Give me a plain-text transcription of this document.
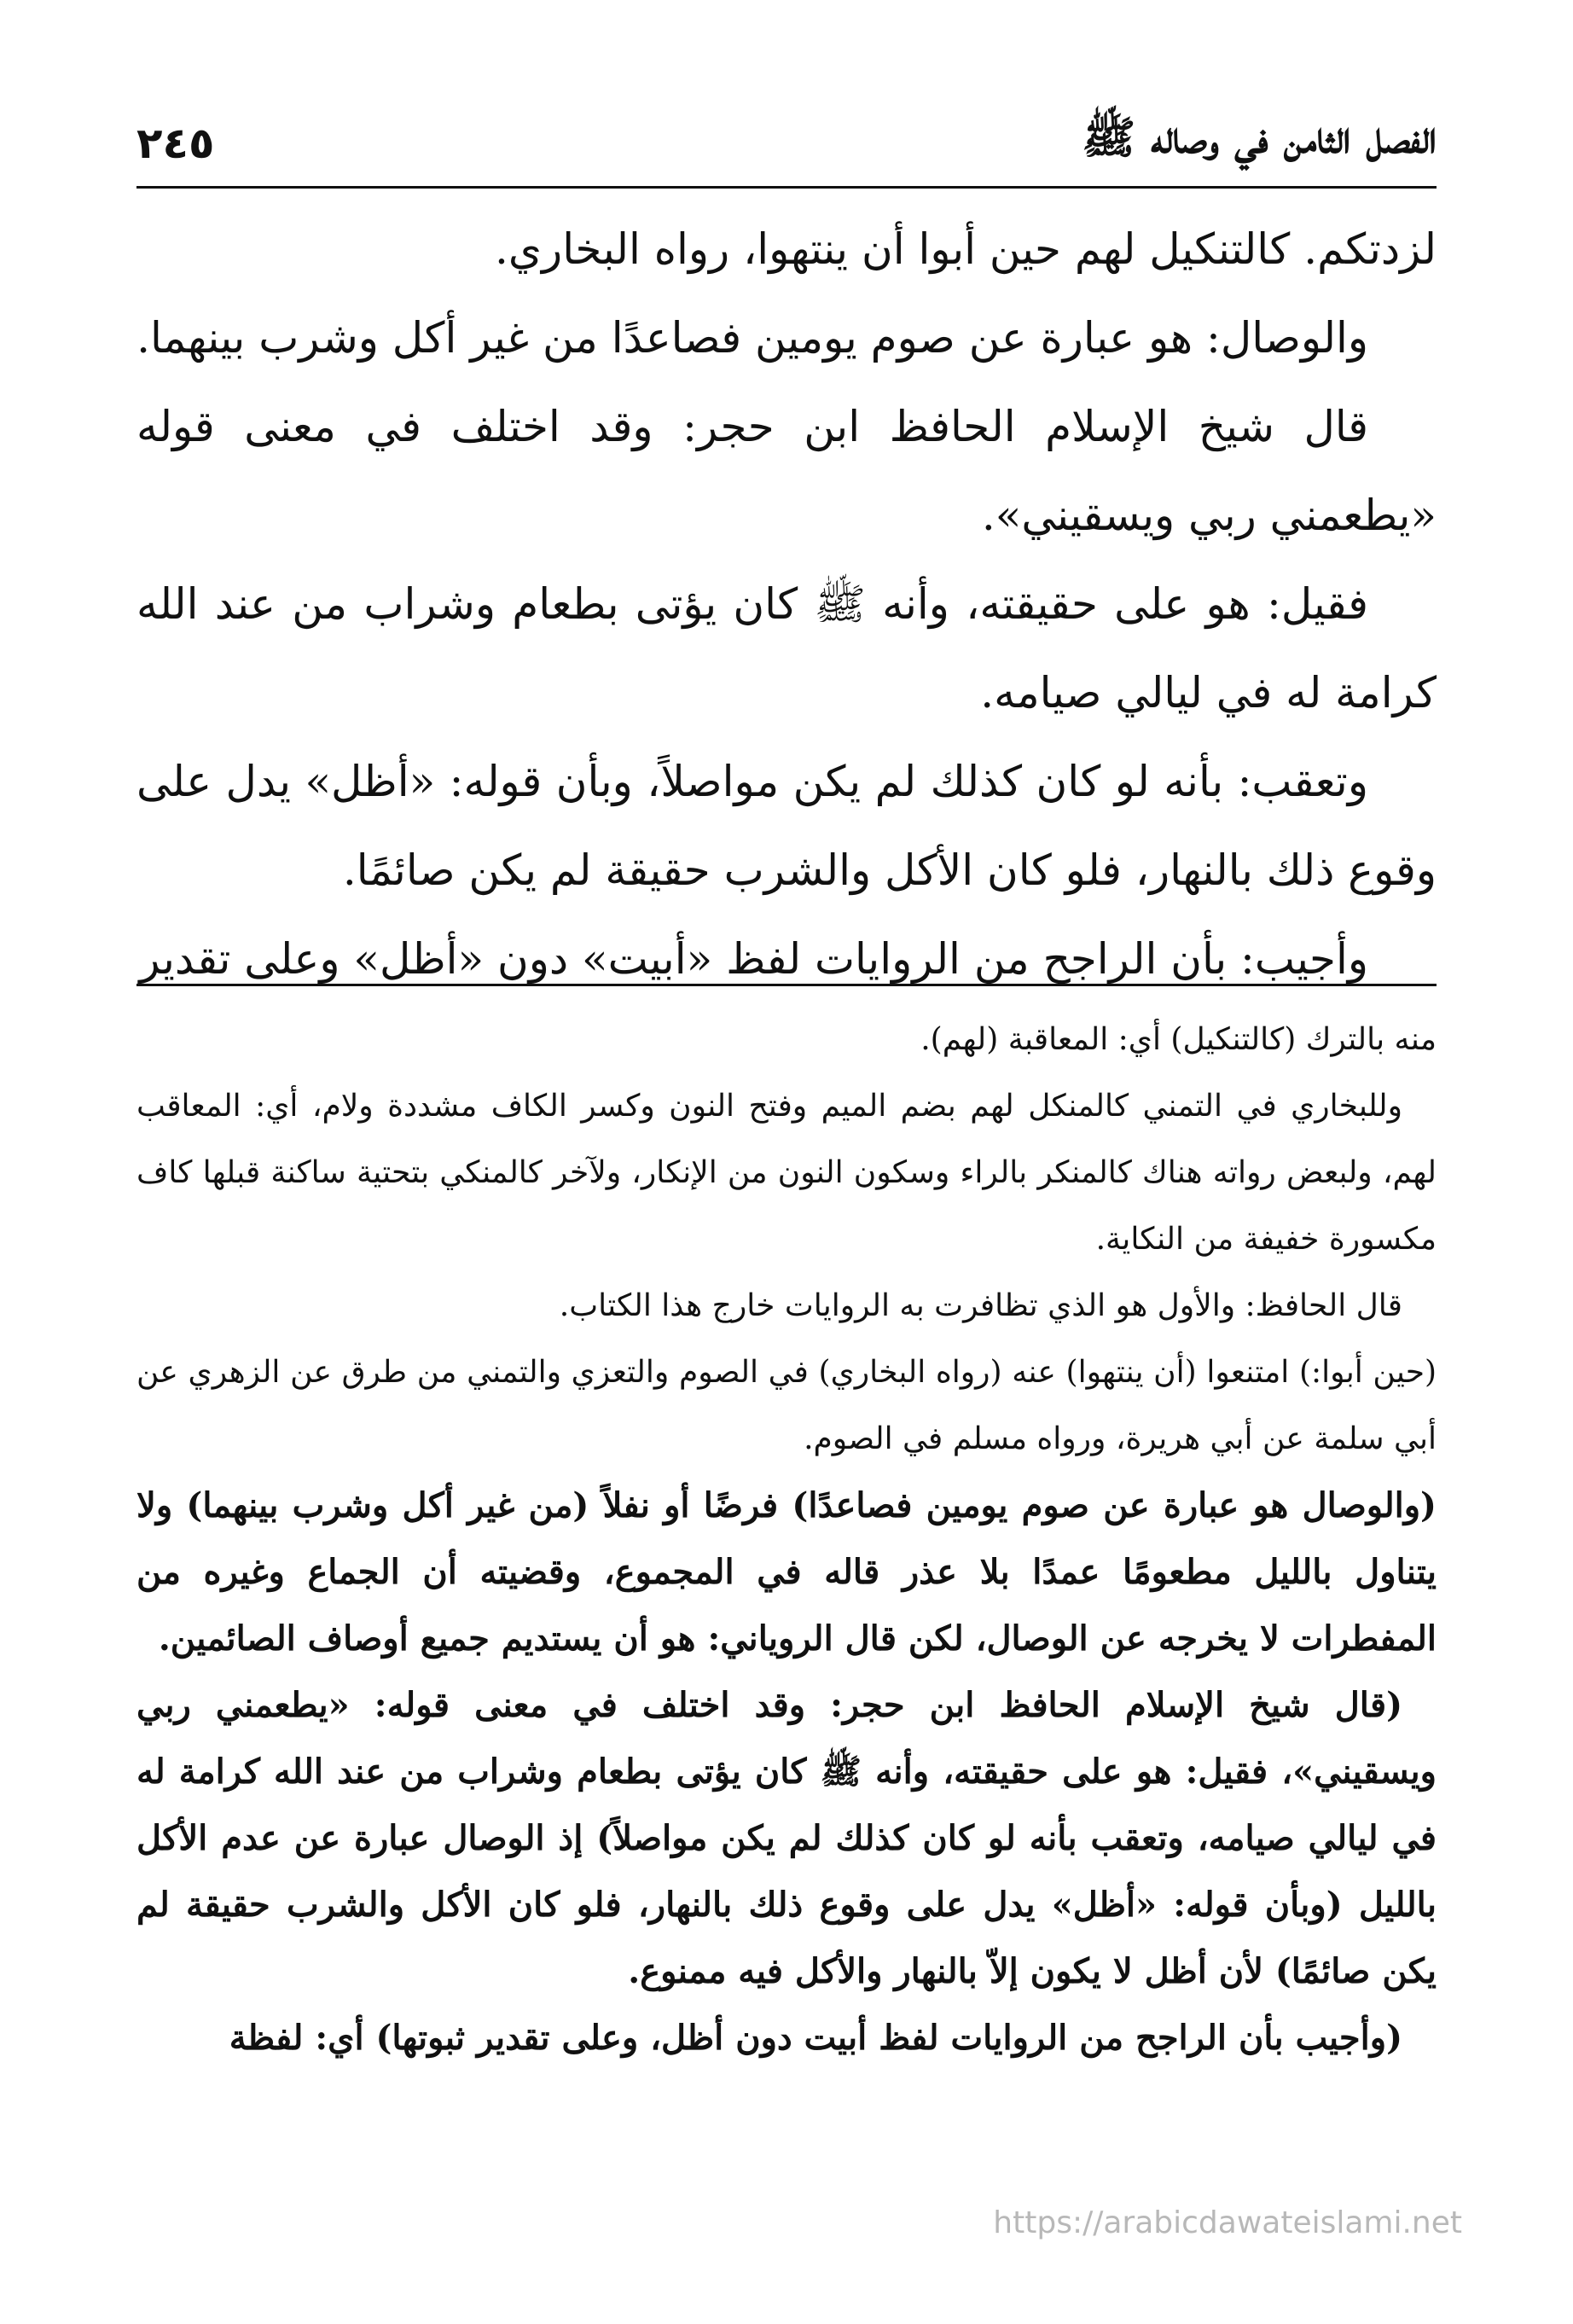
الفصل الثامن في وصاله ﷺ
٢٤٥

لزدتكم. كالتنكيل لهم حين أبوا أن ينتهوا، رواه البخاري.

والوصال: هو عبارة عن صوم يومين فصاعدًا من غير أكل وشرب بينهما.

قال شيخ الإسلام الحافظ ابن حجر: وقد اختلف في معنى قوله «يطعمني ربي ويسقيني».

فقيل: هو على حقيقته، وأنه ﷺ كان يؤتى بطعام وشراب من عند الله كرامة له في ليالي صيامه.

وتعقب: بأنه لو كان كذلك لم يكن مواصلاً، وبأن قوله: «أظل» يدل على وقوع ذلك بالنهار، فلو كان الأكل والشرب حقيقة لم يكن صائمًا.

وأجيب: بأن الراجح من الروايات لفظ «أبيت» دون «أظل» وعلى تقدير

منه بالترك (كالتنكيل) أي: المعاقبة (لهم).

وللبخاري في التمني كالمنكل لهم بضم الميم وفتح النون وكسر الكاف مشددة ولام، أي: المعاقب لهم، ولبعض رواته هناك كالمنكر بالراء وسكون النون من الإنكار، ولآخر كالمنكي بتحتية ساكنة قبلها كاف مكسورة خفيفة من النكاية.

قال الحافظ: والأول هو الذي تظافرت به الروايات خارج هذا الكتاب.

(حين أبوا:) امتنعوا (أن ينتهوا) عنه (رواه البخاري) في الصوم والتعزي والتمني من طرق عن الزهري عن أبي سلمة عن أبي هريرة، ورواه مسلم في الصوم.

(والوصال هو عبارة عن صوم يومين فصاعدًا) فرضًا أو نفلاً (من غير أكل وشرب بينهما) ولا يتناول بالليل مطعومًا عمدًا بلا عذر قاله في المجموع، وقضيته أن الجماع وغيره من المفطرات لا يخرجه عن الوصال، لكن قال الروياني: هو أن يستديم جميع أوصاف الصائمين.

(قال شيخ الإسلام الحافظ ابن حجر: وقد اختلف في معنى قوله: «يطعمني ربي ويسقيني»، فقيل: هو على حقيقته، وأنه ﷺ كان يؤتى بطعام وشراب من عند الله كرامة له في ليالي صيامه، وتعقب بأنه لو كان كذلك لم يكن مواصلاً) إذ الوصال عبارة عن عدم الأكل بالليل (وبأن قوله: «أظل» يدل على وقوع ذلك بالنهار، فلو كان الأكل والشرب حقيقة لم يكن صائمًا) لأن أظل لا يكون إلاّ بالنهار والأكل فيه ممنوع.

(وأجيب بأن الراجح من الروايات لفظ أبيت دون أظل، وعلى تقدير ثبوتها) أي: لفظة

https://arabicdawateislami.net
